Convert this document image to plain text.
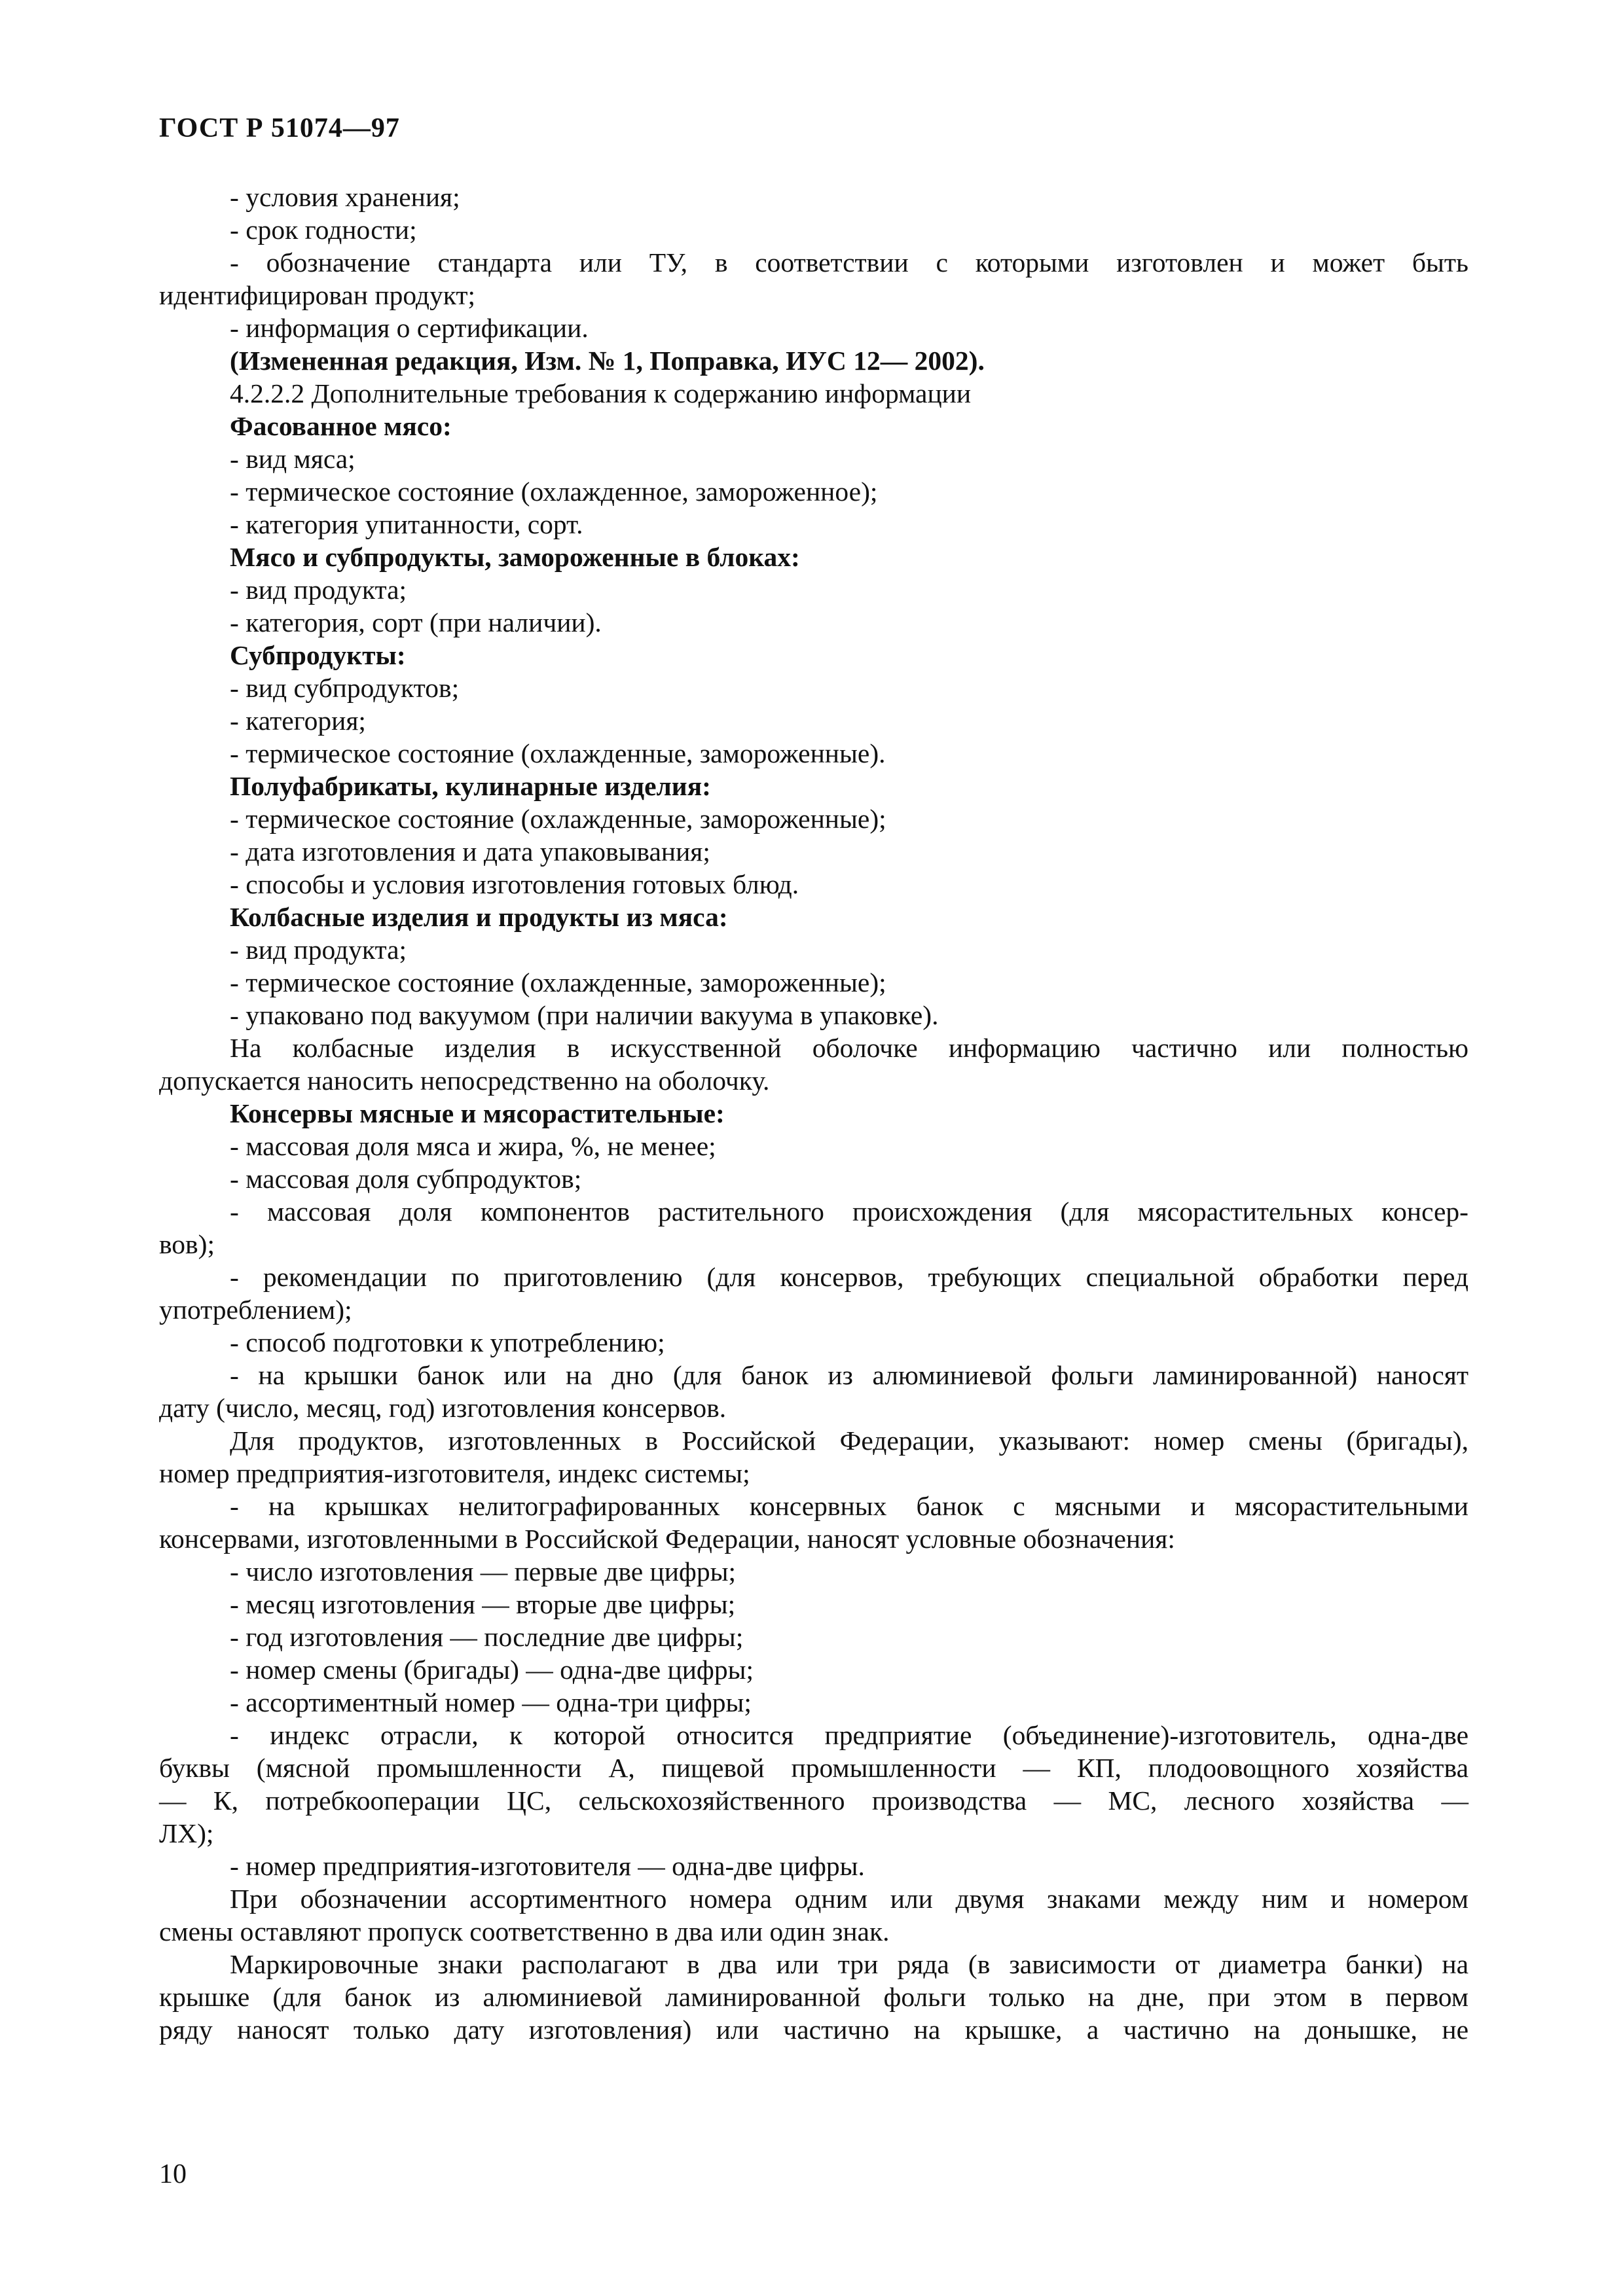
ГОСТ Р 51074—97
- условия хранения;
- срок годности;
- обозначение стандарта или ТУ, в соответствии с которыми изготовлен и может быть
идентифицирован продукт;
- информация о сертификации.
(Измененная редакция, Изм. № 1, Поправка, ИУС 12— 2002).
4.2.2.2 Дополнительные требования к содержанию информации
Фасованное мясо:
- вид мяса;
- термическое состояние (охлажденное, замороженное);
- категория упитанности, сорт.
Мясо и субпродукты, замороженные в блоках:
- вид продукта;
- категория, сорт (при наличии).
Субпродукты:
- вид субпродуктов;
- категория;
- термическое состояние (охлажденные, замороженные).
Полуфабрикаты, кулинарные изделия:
- термическое состояние (охлажденные, замороженные);
- дата изготовления и дата упаковывания;
- способы и условия изготовления готовых блюд.
Колбасные изделия и продукты из мяса:
- вид продукта;
- термическое состояние (охлажденные, замороженные);
- упаковано под вакуумом (при наличии вакуума в упаковке).
На колбасные изделия в искусственной оболочке информацию частично или полностью
допускается наносить непосредственно на оболочку.
Консервы мясные и мясорастительные:
- массовая доля мяса и жира, %, не менее;
- массовая доля субпродуктов;
- массовая доля компонентов растительного происхождения (для мясорастительных консер-
вов);
- рекомендации по приготовлению (для консервов, требующих специальной обработки перед
употреблением);
- способ подготовки к употреблению;
- на крышки банок или на дно (для банок из алюминиевой фольги ламинированной) наносят
дату (число, месяц, год) изготовления консервов.
Для продуктов, изготовленных в Российской Федерации, указывают: номер смены (бригады),
номер предприятия-изготовителя, индекс системы;
- на крышках нелитографированных консервных банок с мясными и мясорастительными
консервами, изготовленными в Российской Федерации, наносят условные обозначения:
- число изготовления — первые две цифры;
- месяц изготовления — вторые две цифры;
- год изготовления — последние две цифры;
- номер смены (бригады) — одна-две цифры;
- ассортиментный номер — одна-три цифры;
- индекс отрасли, к которой относится предприятие (объединение)-изготовитель, одна-две
буквы (мясной промышленности А, пищевой промышленности — КП, плодоовощного хозяйства
— К, потребкооперации ЦС, сельскохозяйственного производства — МС, лесного хозяйства —
ЛХ);
- номер предприятия-изготовителя — одна-две цифры.
При обозначении ассортиментного номера одним или двумя знаками между ним и номером
смены оставляют пропуск соответственно в два или один знак.
Маркировочные знаки располагают в два или три ряда (в зависимости от диаметра банки) на
крышке (для банок из алюминиевой ламинированной фольги только на дне, при этом в первом
ряду наносят только дату изготовления) или частично на крышке, а частично на донышке, не
10
